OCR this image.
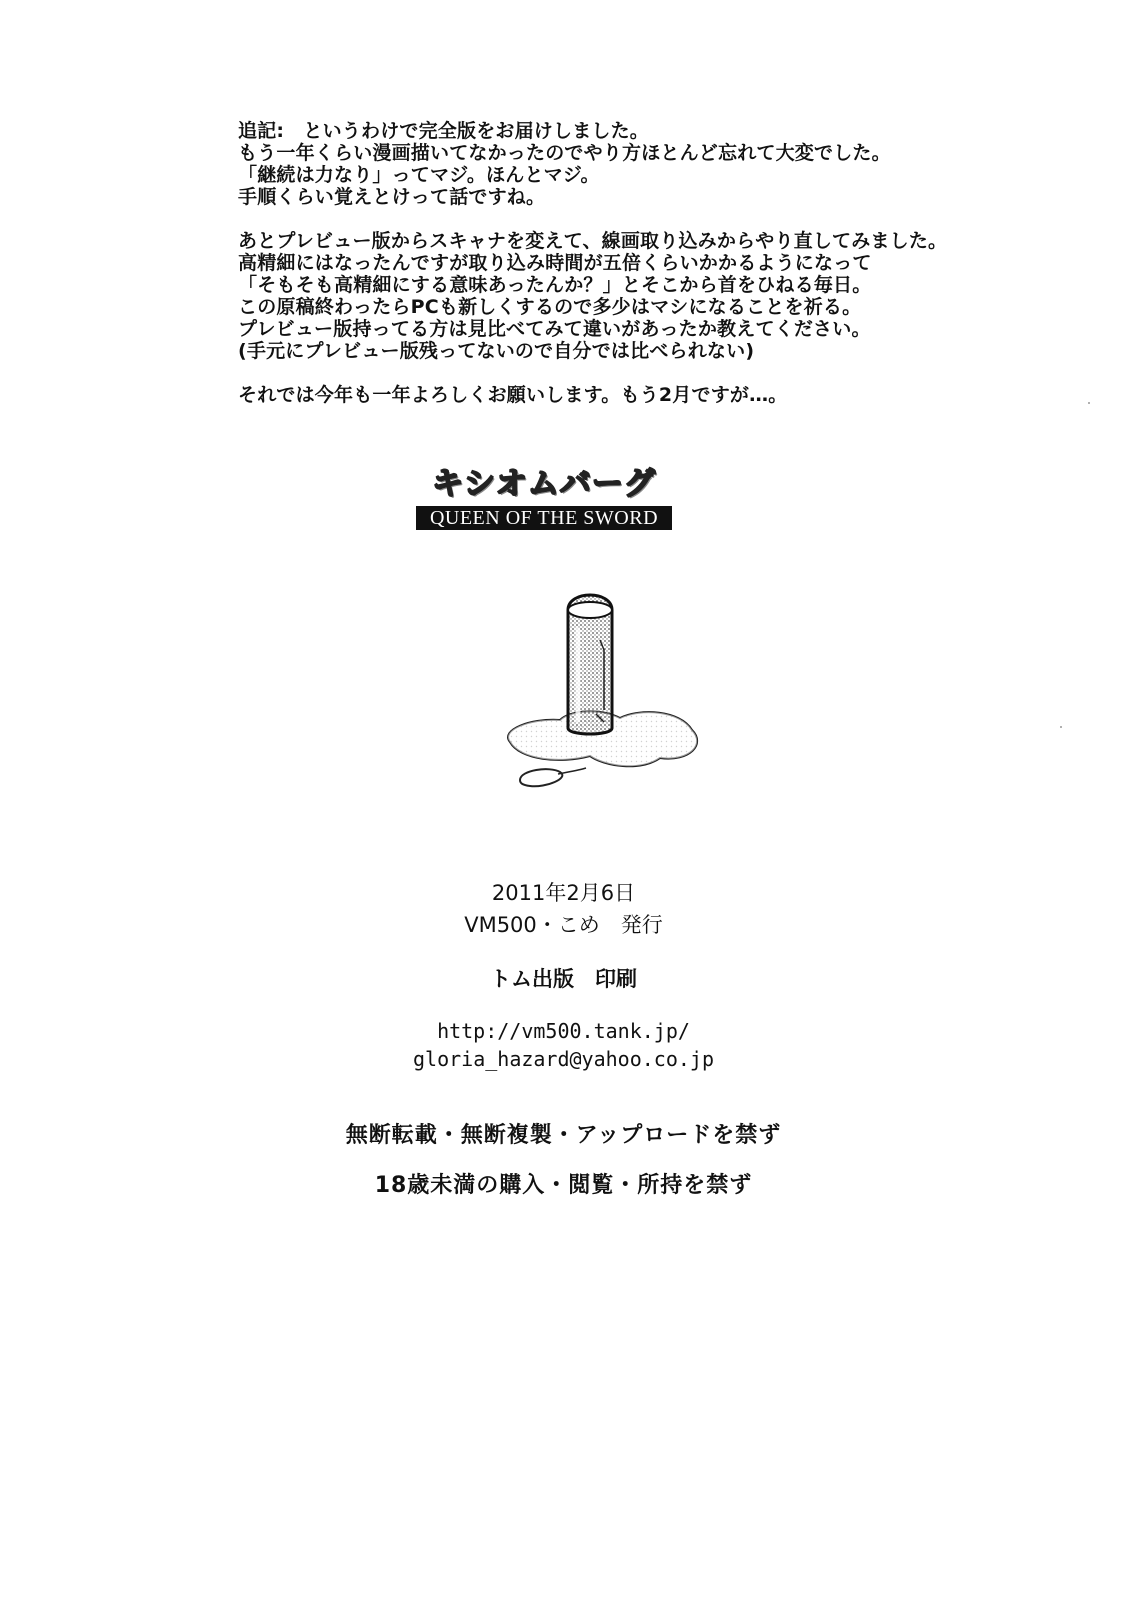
追記:　というわけで完全版をお届けしました。
もう一年くらい漫画描いてなかったのでやり方ほとんど忘れて大変でした。
「継続は力なり」ってマジ。ほんとマジ。
手順くらい覚えとけって話ですね。
あとプレビュー版からスキャナを変えて、線画取り込みからやり直してみました。
高精細にはなったんですが取り込み時間が五倍くらいかかるようになって
「そもそも高精細にする意味あったんか？」とそこから首をひねる毎日。
この原稿終わったらPCも新しくするので多少はマシになることを祈る。
プレビュー版持ってる方は見比べてみて違いがあったか教えてください。
(手元にプレビュー版残ってないので自分では比べられない)
それでは今年も一年よろしくお願いします。もう2月ですが…。
キシオムバーグ
QUEEN OF THE SWORD
2011年2月6日
VM500・こめ　発行
トム出版　印刷
http://vm500.tank.jp/
gloria_hazard@yahoo.co.jp
無断転載・無断複製・アップロードを禁ず
18歳未満の購入・閲覧・所持を禁ず
